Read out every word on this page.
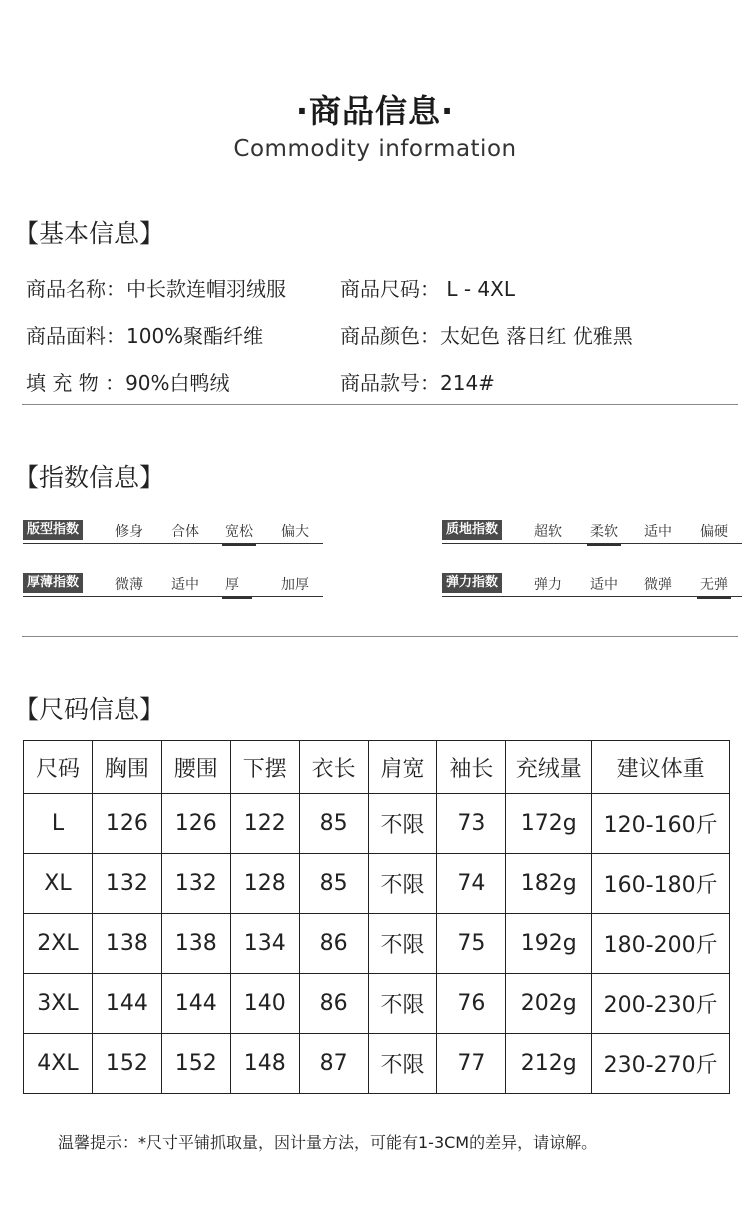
·商品信息·
Commodity information
【基本信息】
商品名称：中长款连帽羽绒服	商品尺码： L - 4XL
商品面料：100%聚酯纤维	商品颜色：太妃色 落日红 优雅黑
填 充 物 ：90%白鸭绒	商品款号：214#
【指数信息】
版型指数	修身 合体 宽松 偏大	质地指数	超软 柔软 适中 偏硬
厚薄指数	微薄 适中 厚	加厚	弹力指数	弹力 适中 微弹 无弹
【尺码信息】
尺码	胸围	腰围	下摆	衣长	肩宽	袖长	充绒量	建议体重
L	126	126	122	85	不限	73	172g	120-160斤
XL	132	132	128	85	不限	74	182g	160-180斤
2XL	138	138	134	86	不限	75	192g	180-200斤
3XL	144	144	140	86	不限	76	202g	200-230斤
4XL	152	152	148	87	不限	77	212g	230-270斤
温馨提示：*尺寸平铺抓取量，因计量方法，可能有1-3CM的差异，请谅解。
